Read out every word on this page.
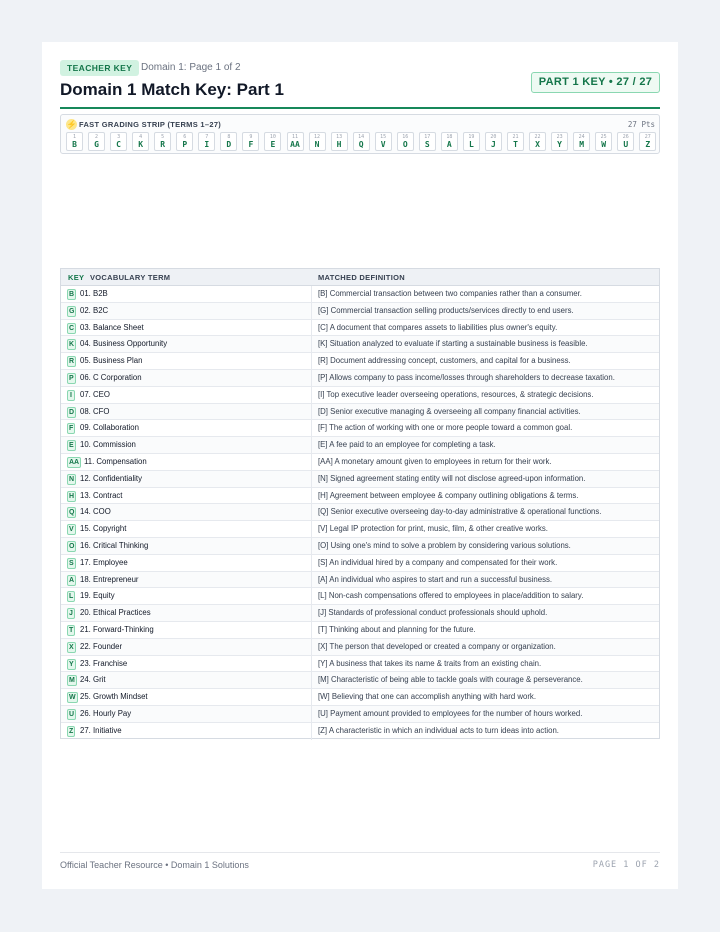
TEACHER KEY Domain 1: Page 1 of 2
Domain 1 Match Key: Part 1	PART 1 KEY • 27 / 27
⚡ FAST GRADING STRIP (TERMS 1–27)	27 Pts
1
B
2
G
3
C
4
K
5
R
6
P
7
I
8
D
9
F
10
E
11
AA
12
N
13
H
14
Q
15
V
16
O
17
S
18
A
19
L
20
J
21
T
22
X
23
Y
24
M
25
W
26
U
27
Z
KEY VOCABULARY TERM	MATCHED DEFINITION
B 01. B2B	[B] Commercial transaction between two companies rather than a consumer.
G 02. B2C	[G] Commercial transaction selling products/services directly to end users.
C 03. Balance Sheet	[C] A document that compares assets to liabilities plus owner's equity.
K 04. Business Opportunity	[K] Situation analyzed to evaluate if starting a sustainable business is feasible.
R 05. Business Plan	[R] Document addressing concept, customers, and capital for a business.
P 06. C Corporation	[P] Allows company to pass income/losses through shareholders to decrease taxation.
I	07. CEO	[I] Top executive leader overseeing operations, resources, & strategic decisions.
D 08. CFO	[D] Senior executive managing & overseeing all company financial activities.
F 09. Collaboration	[F] The action of working with one or more people toward a common goal.
E 10. Commission	[E] A fee paid to an employee for completing a task.
AA 11. Compensation	[AA] A monetary amount given to employees in return for their work.
N 12. Confidentiality	[N] Signed agreement stating entity will not disclose agreed-upon information.
H 13. Contract	[H] Agreement between employee & company outlining obligations & terms.
Q 14. COO	[Q] Senior executive overseeing day-to-day administrative & operational functions.
V 15. Copyright	[V] Legal IP protection for print, music, film, & other creative works.
O 16. Critical Thinking	[O] Using one's mind to solve a problem by considering various solutions.
S 17. Employee	[S] An individual hired by a company and compensated for their work.
A 18. Entrepreneur	[A] An individual who aspires to start and run a successful business.
L 19. Equity	[L] Non-cash compensations offered to employees in place/addition to salary.
J 20. Ethical Practices	[J] Standards of professional conduct professionals should uphold.
T 21. Forward-Thinking	[T] Thinking about and planning for the future.
X 22. Founder	[X] The person that developed or created a company or organization.
Y 23. Franchise	[Y] A business that takes its name & traits from an existing chain.
M 24. Grit	[M] Characteristic of being able to tackle goals with courage & perseverance.
W 25. Growth Mindset	[W] Believing that one can accomplish anything with hard work.
U 26. Hourly Pay	[U] Payment amount provided to employees for the number of hours worked.
Z 27. Initiative	[Z] A characteristic in which an individual acts to turn ideas into action.
Official Teacher Resource • Domain 1 Solutions	PAGE 1 OF 2
